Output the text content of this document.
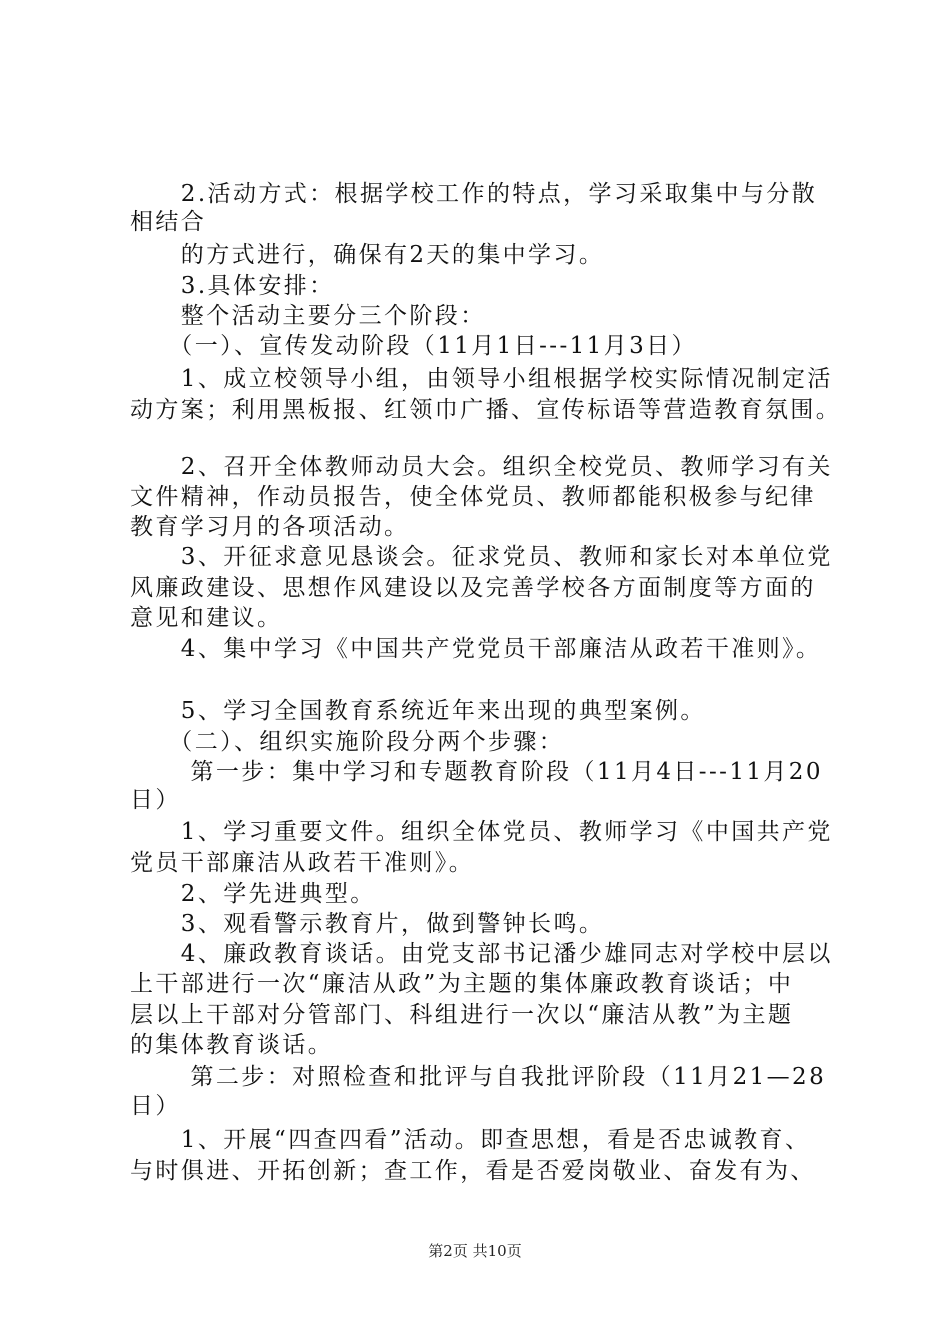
　　2.活动方式：根据学校工作的特点，学习采取集中与分散
相结合
　　的方式进行，确保有2天的集中学习。
　　3.具体安排：
　　整个活动主要分三个阶段：
　　（一）、宣传发动阶段（11月1日---11月3日）
　　1、成立校领导小组，由领导小组根据学校实际情况制定活
动方案；利用黑板报、红领巾广播、宣传标语等营造教育氛围。
　　2、召开全体教师动员大会。组织全校党员、教师学习有关
文件精神，作动员报告，使全体党员、教师都能积极参与纪律
教育学习月的各项活动。
　　3、开征求意见恳谈会。征求党员、教师和家长对本单位党
风廉政建设、思想作风建设以及完善学校各方面制度等方面的
意见和建议。
　　4、集中学习《中国共产党党员干部廉洁从政若干准则》。
　　5、学习全国教育系统近年来出现的典型案例。
　　（二）、组织实施阶段分两个步骤：
　　 第一步：集中学习和专题教育阶段（11月4日---11月20
日）
　　1、学习重要文件。组织全体党员、教师学习《中国共产党
党员干部廉洁从政若干准则》。
　　2、学先进典型。
　　3、观看警示教育片，做到警钟长鸣。
　　4、廉政教育谈话。由党支部书记潘少雄同志对学校中层以
上干部进行一次“廉洁从政”为主题的集体廉政教育谈话；中
层以上干部对分管部门、科组进行一次以“廉洁从教”为主题
的集体教育谈话。
　　 第二步：对照检查和批评与自我批评阶段（11月21—28
日）
　　1、开展“四查四看”活动。即查思想，看是否忠诚教育、
与时俱进、开拓创新；查工作，看是否爱岗敬业、奋发有为、
第2页 共10页
